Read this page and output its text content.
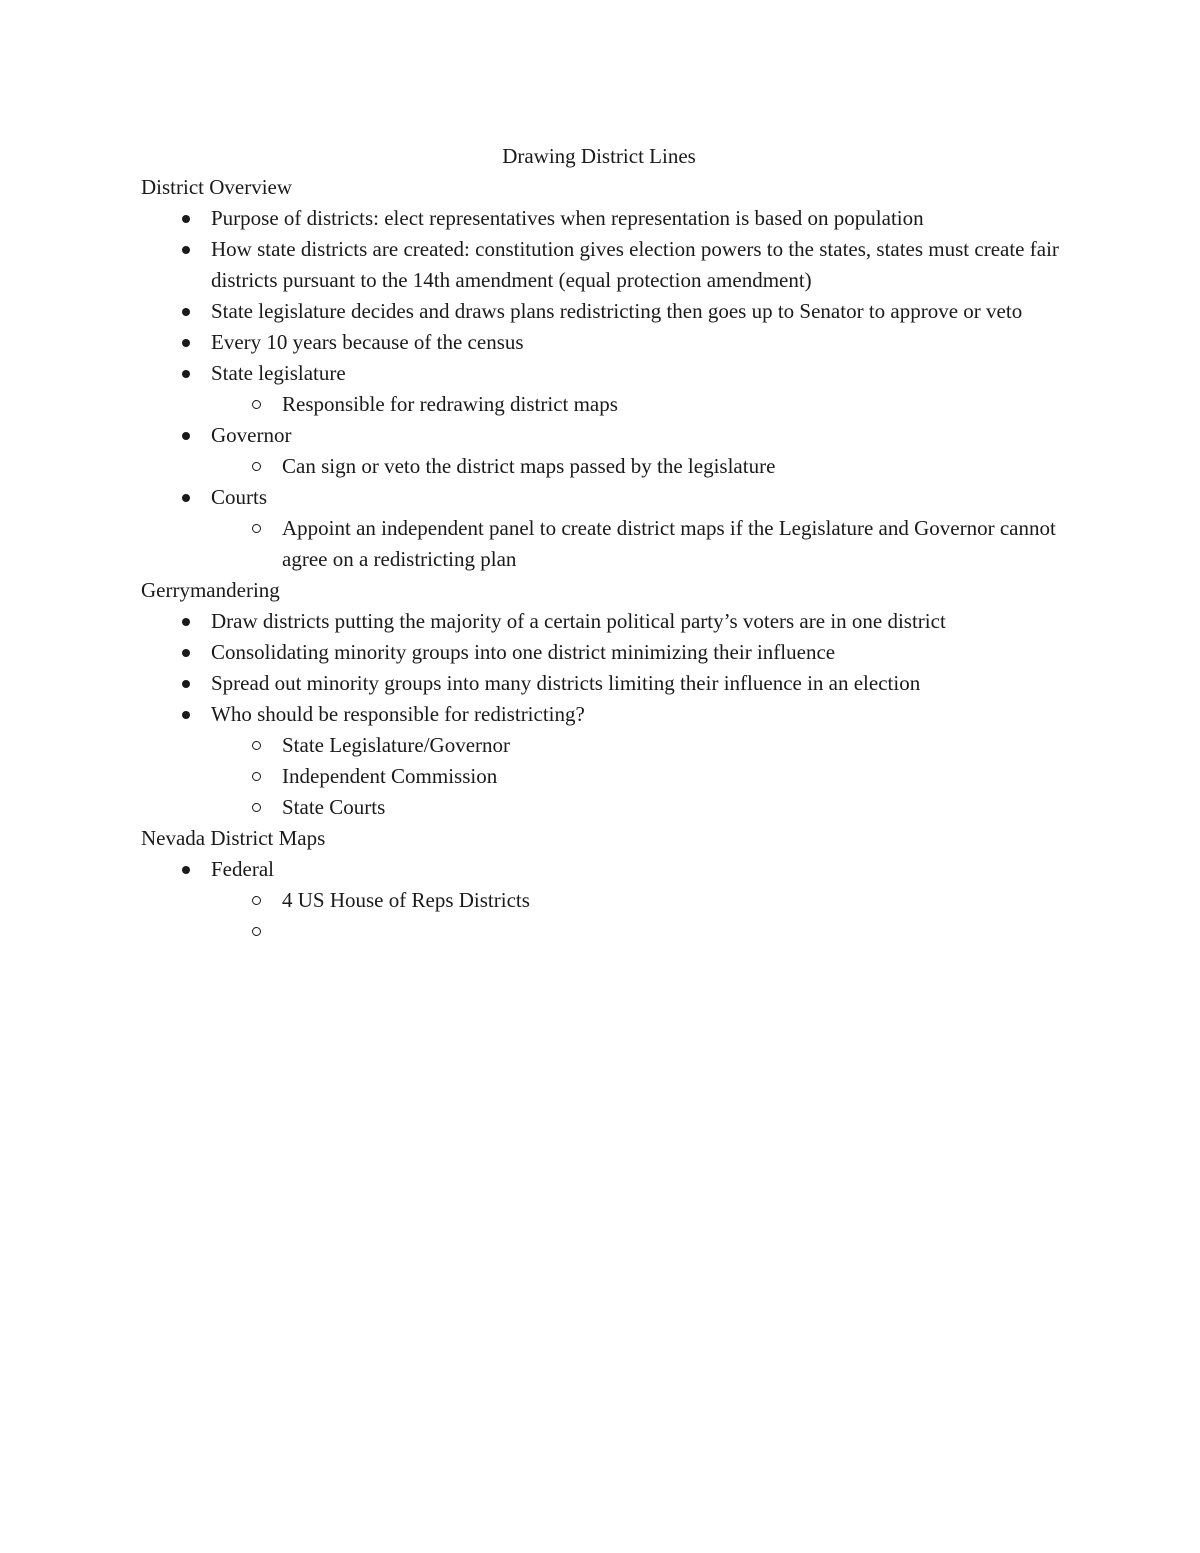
Drawing District Lines

District Overview

Purpose of districts: elect representatives when representation is based on population
How state districts are created: constitution gives election powers to the states, states must create fair districts pursuant to the 14th amendment (equal protection amendment)
State legislature decides and draws plans redistricting then goes up to Senator to approve or veto
Every 10 years because of the census
State legislature
Responsible for redrawing district maps
Governor
Can sign or veto the district maps passed by the legislature
Courts
Appoint an independent panel to create district maps if the Legislature and Governor cannot agree on a redistricting plan

Gerrymandering

Draw districts putting the majority of a certain political party’s voters are in one district
Consolidating minority groups into one district minimizing their influence
Spread out minority groups into many districts limiting their influence in an election
Who should be responsible for redistricting?
State Legislature/Governor
Independent Commission
State Courts

Nevada District Maps

Federal
4 US House of Reps Districts
